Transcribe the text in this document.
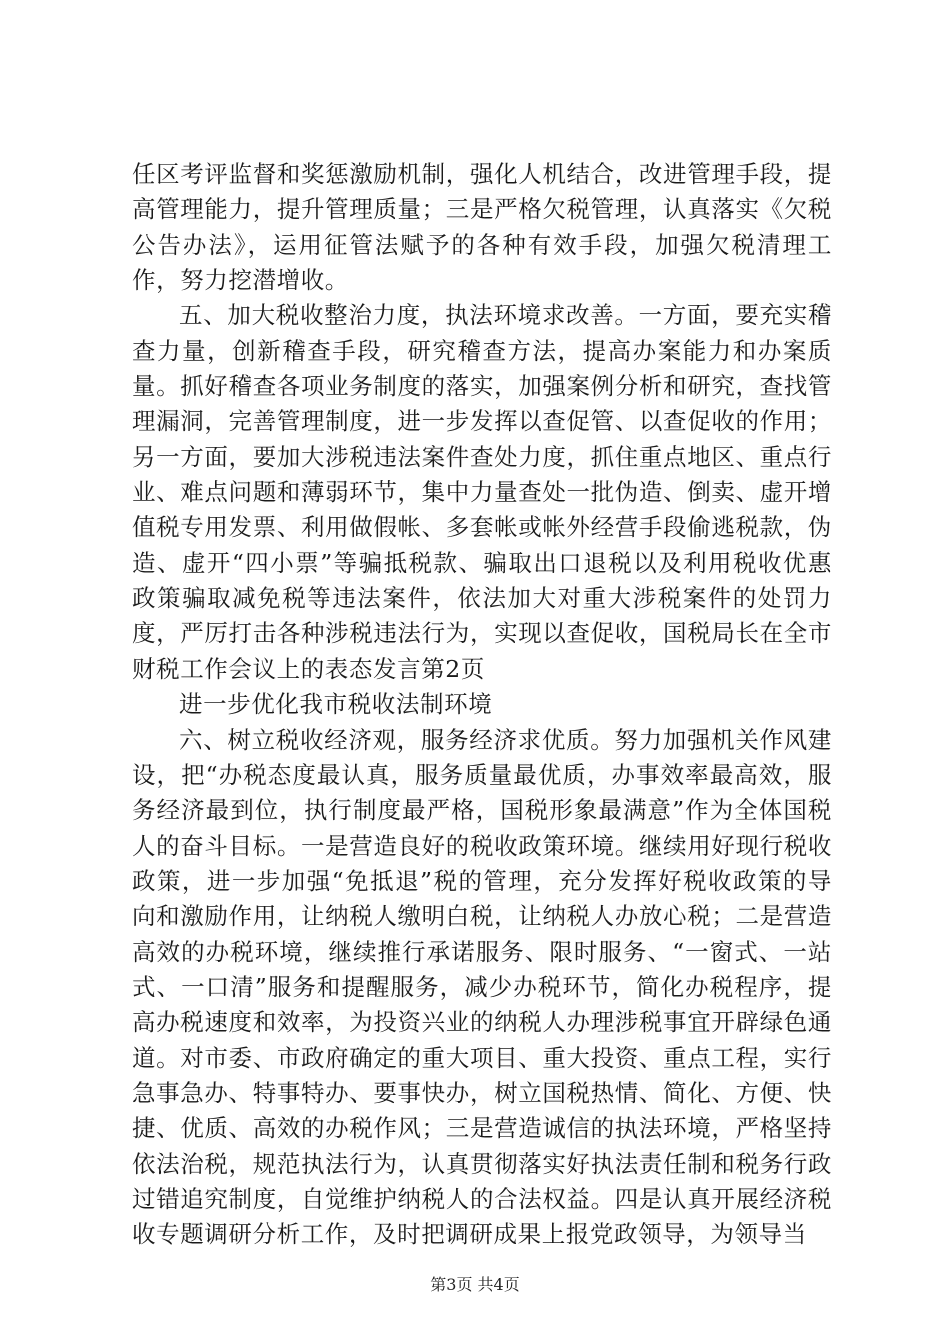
任区考评监督和奖惩激励机制，强化人机结合，改进管理手段，提高管理能力，提升管理质量；三是严格欠税管理，认真落实《欠税公告办法》，运用征管法赋予的各种有效手段，加强欠税清理工作，努力挖潜增收。

五、加大税收整治力度，执法环境求改善。一方面，要充实稽查力量，创新稽查手段，研究稽查方法，提高办案能力和办案质量。抓好稽查各项业务制度的落实，加强案例分析和研究，查找管理漏洞，完善管理制度，进一步发挥以查促管、以查促收的作用；另一方面，要加大涉税违法案件查处力度，抓住重点地区、重点行业、难点问题和薄弱环节，集中力量查处一批伪造、倒卖、虚开增值税专用发票、利用做假帐、多套帐或帐外经营手段偷逃税款，伪造、虚开“四小票”等骗抵税款、骗取出口退税以及利用税收优惠政策骗取减免税等违法案件，依法加大对重大涉税案件的处罚力度，严厉打击各种涉税违法行为，实现以查促收，国税局长在全市财税工作会议上的表态发言第2页

进一步优化我市税收法制环境

六、树立税收经济观，服务经济求优质。努力加强机关作风建设，把“办税态度最认真，服务质量最优质，办事效率最高效，服务经济最到位，执行制度最严格，国税形象最满意”作为全体国税人的奋斗目标。一是营造良好的税收政策环境。继续用好现行税收政策，进一步加强“免抵退”税的管理，充分发挥好税收政策的导向和激励作用，让纳税人缴明白税，让纳税人办放心税；二是营造高效的办税环境，继续推行承诺服务、限时服务、“一窗式、一站式、一口清”服务和提醒服务，减少办税环节，简化办税程序，提高办税速度和效率，为投资兴业的纳税人办理涉税事宜开辟绿色通道。对市委、市政府确定的重大项目、重大投资、重点工程，实行急事急办、特事特办、要事快办，树立国税热情、简化、方便、快捷、优质、高效的办税作风；三是营造诚信的执法环境，严格坚持依法治税，规范执法行为，认真贯彻落实好执法责任制和税务行政过错追究制度，自觉维护纳税人的合法权益。四是认真开展经济税收专题调研分析工作，及时把调研成果上报党政领导，为领导当

第3页 共4页
